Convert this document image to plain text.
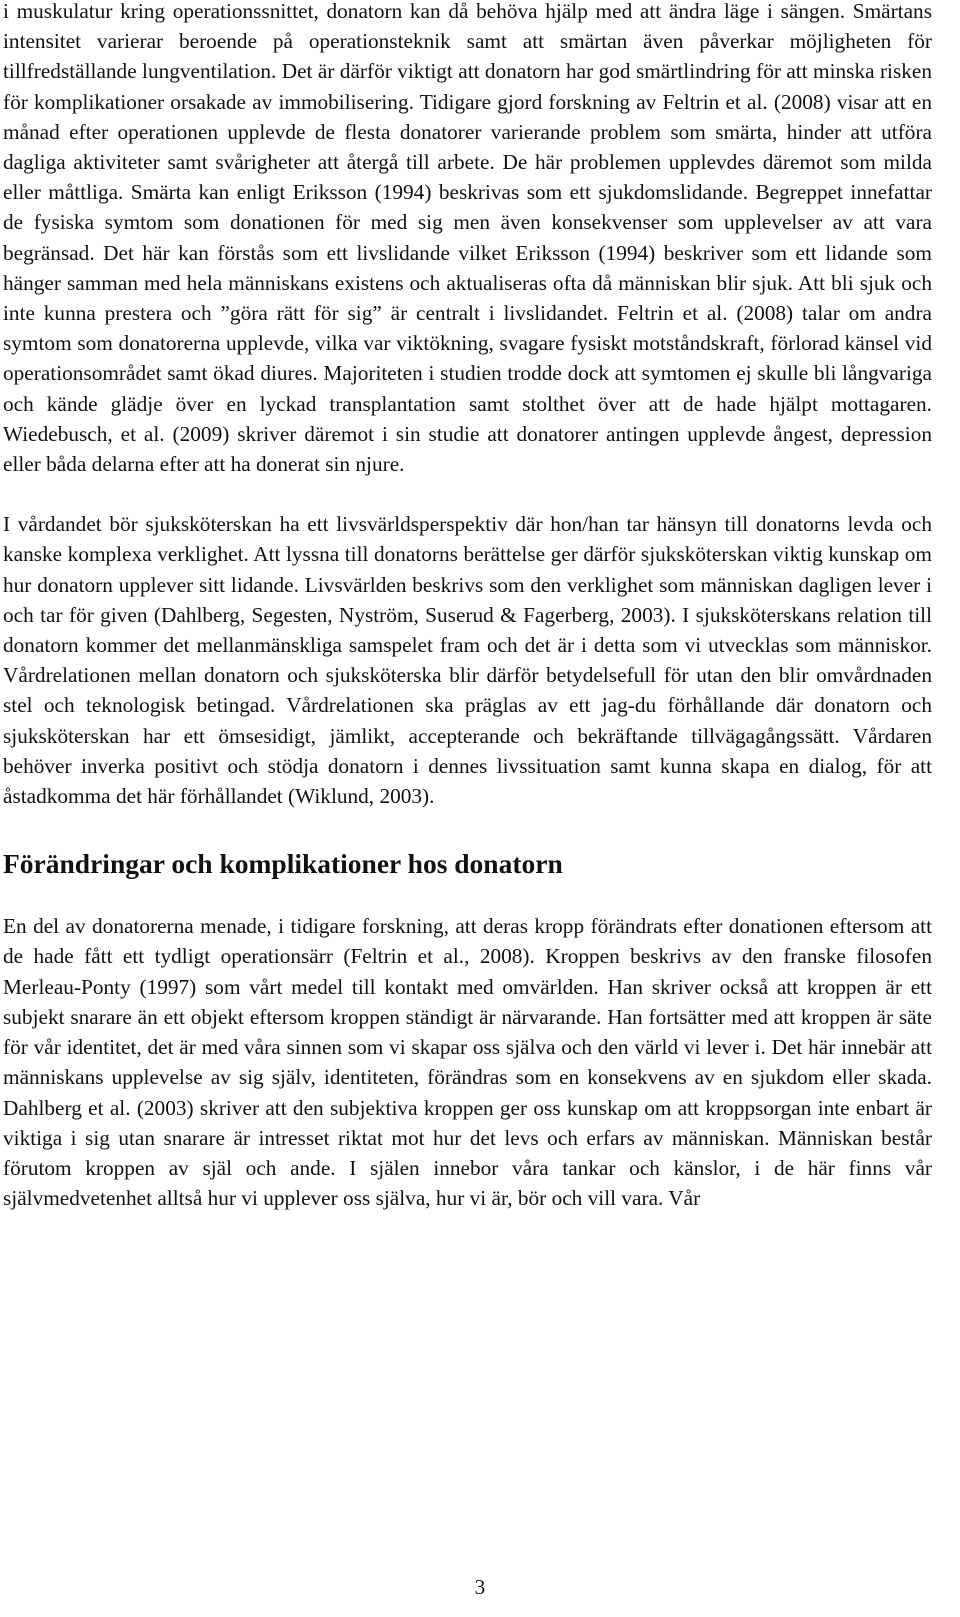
i muskulatur kring operationssnittet, donatorn kan då behöva hjälp med att ändra läge i sängen. Smärtans intensitet varierar beroende på operationsteknik samt att smärtan även påverkar möjligheten för tillfredställande lungventilation. Det är därför viktigt att donatorn har god smärtlindring för att minska risken för komplikationer orsakade av immobilisering. Tidigare gjord forskning av Feltrin et al. (2008) visar att en månad efter operationen upplevde de flesta donatorer varierande problem som smärta, hinder att utföra dagliga aktiviteter samt svårigheter att återgå till arbete. De här problemen upplevdes däremot som milda eller måttliga. Smärta kan enligt Eriksson (1994) beskrivas som ett sjukdomslidande. Begreppet innefattar de fysiska symtom som donationen för med sig men även konsekvenser som upplevelser av att vara begränsad. Det här kan förstås som ett livslidande vilket Eriksson (1994) beskriver som ett lidande som hänger samman med hela människans existens och aktualiseras ofta då människan blir sjuk. Att bli sjuk och inte kunna prestera och ”göra rätt för sig” är centralt i livslidandet. Feltrin et al. (2008) talar om andra symtom som donatorerna upplevde, vilka var viktökning, svagare fysiskt motståndskraft, förlorad känsel vid operationsområdet samt ökad diures. Majoriteten i studien trodde dock att symtomen ej skulle bli långvariga och kände glädje över en lyckad transplantation samt stolthet över att de hade hjälpt mottagaren. Wiedebusch, et al. (2009) skriver däremot i sin studie att donatorer antingen upplevde ångest, depression eller båda delarna efter att ha donerat sin njure.

I vårdandet bör sjuksköterskan ha ett livsvärldsperspektiv där hon/han tar hänsyn till donatorns levda och kanske komplexa verklighet. Att lyssna till donatorns berättelse ger därför sjuksköterskan viktig kunskap om hur donatorn upplever sitt lidande. Livsvärlden beskrivs som den verklighet som människan dagligen lever i och tar för given (Dahlberg, Segesten, Nyström, Suserud & Fagerberg, 2003). I sjuksköterskans relation till donatorn kommer det mellanmänskliga samspelet fram och det är i detta som vi utvecklas som människor. Vårdrelationen mellan donatorn och sjuksköterska blir därför betydelsefull för utan den blir omvårdnaden stel och teknologisk betingad. Vårdrelationen ska präglas av ett jag-du förhållande där donatorn och sjuksköterskan har ett ömsesidigt, jämlikt, accepterande och bekräftande tillvägagångssätt. Vårdaren behöver inverka positivt och stödja donatorn i dennes livssituation samt kunna skapa en dialog, för att åstadkomma det här förhållandet (Wiklund, 2003).

Förändringar och komplikationer hos donatorn

En del av donatorerna menade, i tidigare forskning, att deras kropp förändrats efter donationen eftersom att de hade fått ett tydligt operationsärr (Feltrin et al., 2008). Kroppen beskrivs av den franske filosofen Merleau-Ponty (1997) som vårt medel till kontakt med omvärlden. Han skriver också att kroppen är ett subjekt snarare än ett objekt eftersom kroppen ständigt är närvarande. Han fortsätter med att kroppen är säte för vår identitet, det är med våra sinnen som vi skapar oss själva och den värld vi lever i. Det här innebär att människans upplevelse av sig själv, identiteten, förändras som en konsekvens av en sjukdom eller skada. Dahlberg et al. (2003) skriver att den subjektiva kroppen ger oss kunskap om att kroppsorgan inte enbart är viktiga i sig utan snarare är intresset riktat mot hur det levs och erfars av människan. Människan består förutom kroppen av själ och ande. I själen innebor våra tankar och känslor, i de här finns vår självmedvetenhet alltså hur vi upplever oss själva, hur vi är, bör och vill vara. Vår

3
